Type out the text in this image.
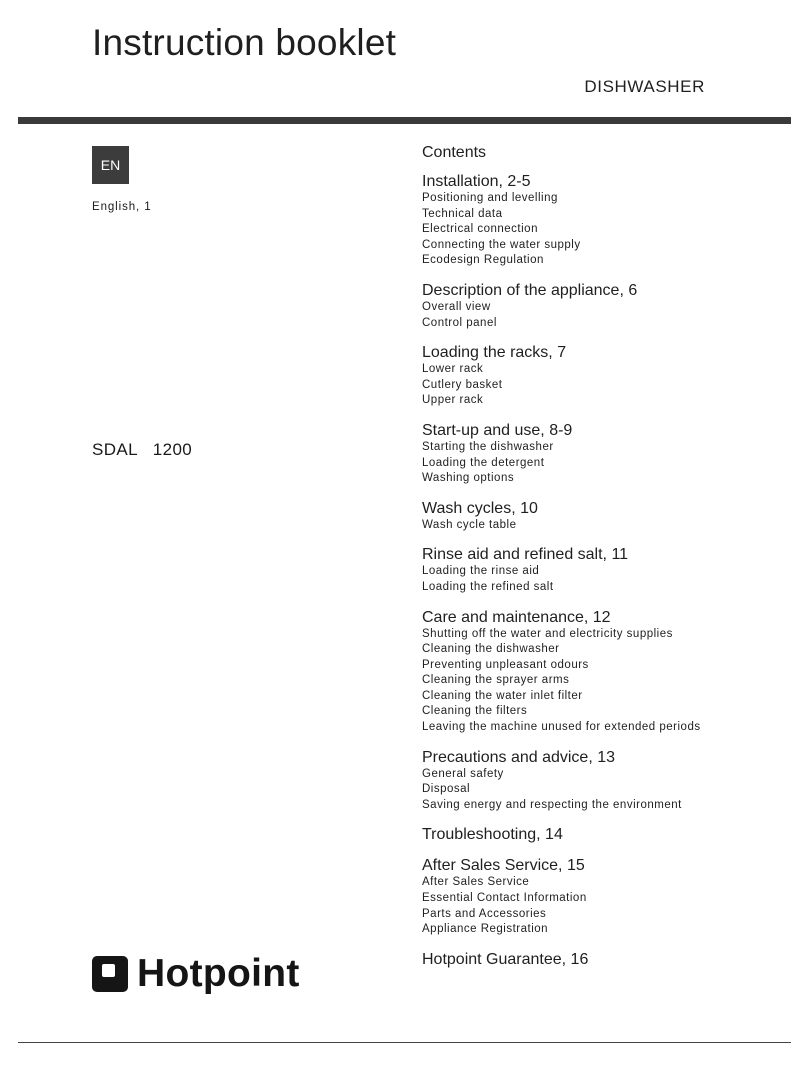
Instruction booklet
DISHWASHER
EN
English, 1
SDAL   1200
Hotpoint
Contents
Installation, 2-5
Positioning and levelling
Technical data
Electrical connection
Connecting the water supply
Ecodesign Regulation
Description of the appliance, 6
Overall view
Control panel
Loading the racks, 7
Lower rack
Cutlery basket
Upper rack
Start-up and use, 8-9
Starting the dishwasher
Loading the detergent
Washing options
Wash cycles, 10
Wash cycle table
Rinse aid and refined salt, 11
Loading the rinse aid
Loading the refined salt
Care and maintenance, 12
Shutting off the water and electricity supplies
Cleaning the dishwasher
Preventing unpleasant odours
Cleaning the sprayer arms
Cleaning the water inlet filter
Cleaning the filters
Leaving the machine unused for extended periods
Precautions and advice, 13
General safety
Disposal
Saving energy and respecting the environment
Troubleshooting, 14
After Sales Service, 15
After Sales Service
Essential Contact Information
Parts and Accessories
Appliance Registration
Hotpoint Guarantee, 16
